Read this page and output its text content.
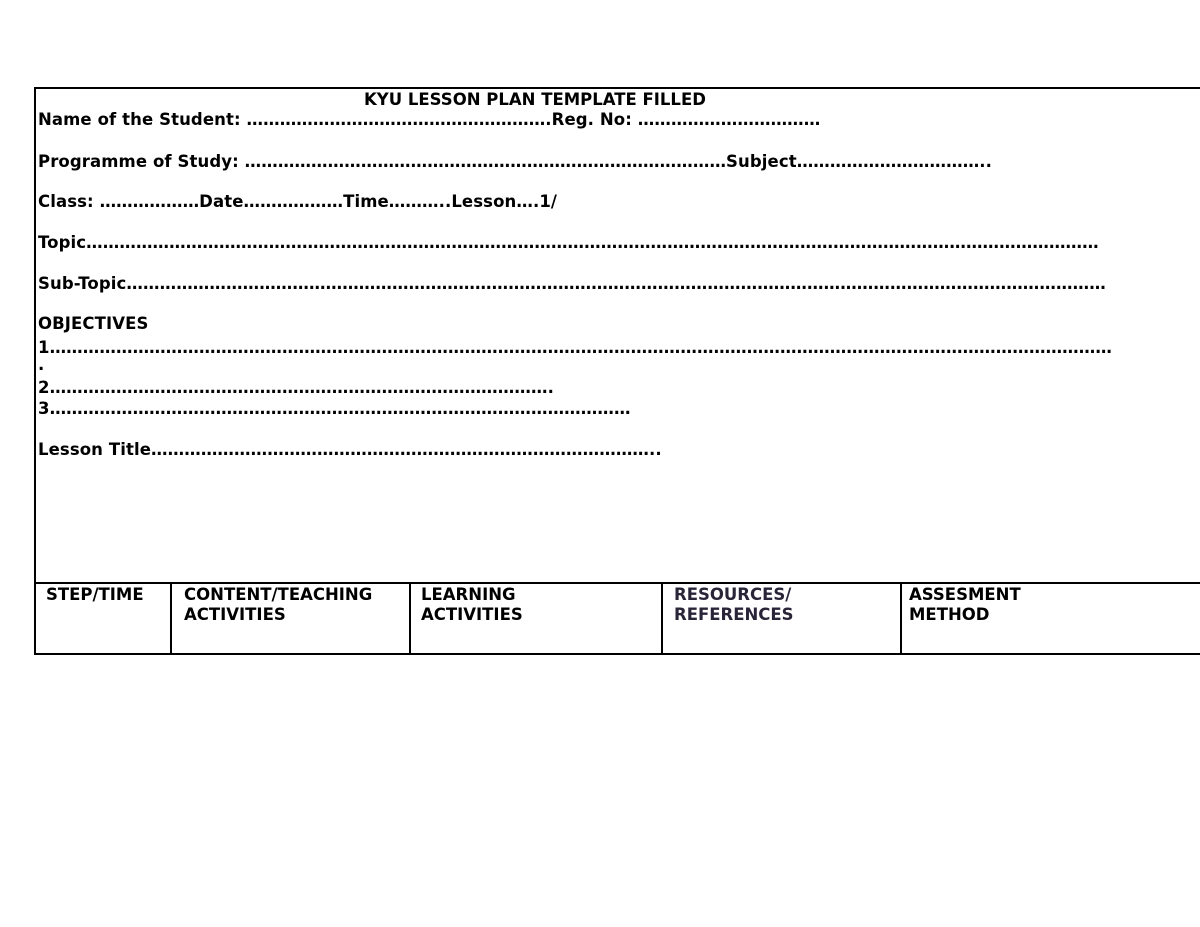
KYU LESSON PLAN TEMPLATE FILLED
Name of the Student: ……………………………………………….Reg. No: ……………………………
Programme of Study: ……………………………………………………………………………Subject……………………………..
Class: ………………Date………………Time………..Lesson….1/
Topic…………………………………………………………………………………………………………………………………………………………………
Sub-Topic……………………………………………………………………………………………………………………………………………………………
OBJECTIVES
1…………………………………………………………………………………………………………………………………………………………………………
.
2……………………………………………………………………………….
3……………………………………………………………………………………………
Lesson Title………………………………………………………………………………..
STEP/TIME	CONTENT/TEACHING
ACTIVITIES
LEARNING
ACTIVITIES
RESOURCES/
REFERENCES
ASSESMENT
METHOD
